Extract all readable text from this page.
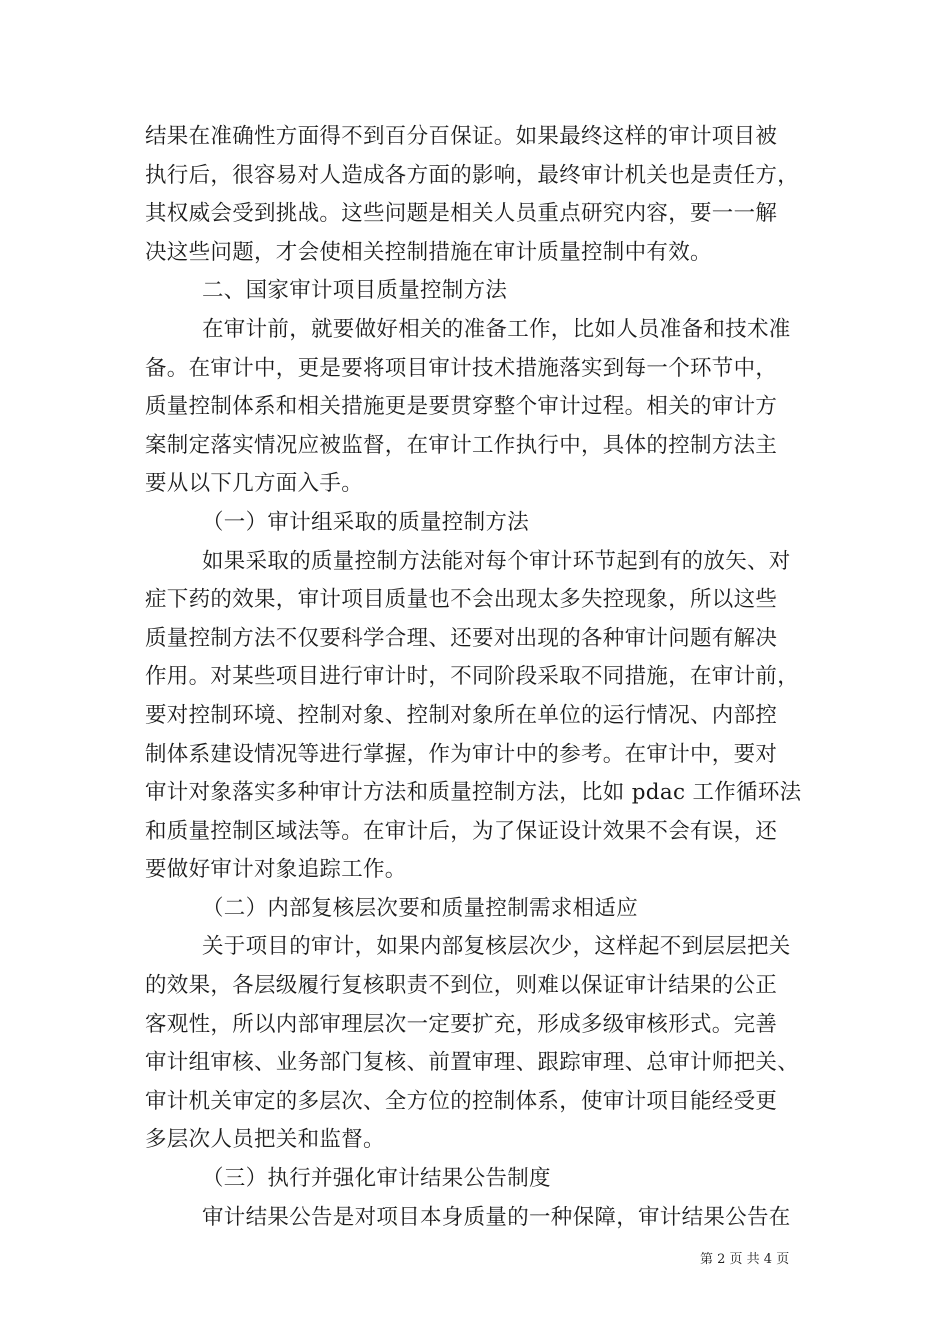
结果在准确性方面得不到百分百保证。如果最终这样的审计项目被
执行后，很容易对人造成各方面的影响，最终审计机关也是责任方，
其权威会受到挑战。这些问题是相关人员重点研究内容，要一一解
决这些问题，才会使相关控制措施在审计质量控制中有效。
二、国家审计项目质量控制方法
在审计前，就要做好相关的准备工作，比如人员准备和技术准
备。在审计中，更是要将项目审计技术措施落实到每一个环节中，
质量控制体系和相关措施更是要贯穿整个审计过程。相关的审计方
案制定落实情况应被监督，在审计工作执行中，具体的控制方法主
要从以下几方面入手。
（一）审计组采取的质量控制方法
如果采取的质量控制方法能对每个审计环节起到有的放矢、对
症下药的效果，审计项目质量也不会出现太多失控现象，所以这些
质量控制方法不仅要科学合理、还要对出现的各种审计问题有解决
作用。对某些项目进行审计时，不同阶段采取不同措施，在审计前，
要对控制环境、控制对象、控制对象所在单位的运行情况、内部控
制体系建设情况等进行掌握，作为审计中的参考。在审计中，要对
审计对象落实多种审计方法和质量控制方法，比如 pdac 工作循环法
和质量控制区域法等。在审计后，为了保证设计效果不会有误，还
要做好审计对象追踪工作。
（二）内部复核层次要和质量控制需求相适应
关于项目的审计，如果内部复核层次少，这样起不到层层把关
的效果，各层级履行复核职责不到位，则难以保证审计结果的公正
客观性，所以内部审理层次一定要扩充，形成多级审核形式。完善
审计组审核、业务部门复核、前置审理、跟踪审理、总审计师把关、
审计机关审定的多层次、全方位的控制体系，使审计项目能经受更
多层次人员把关和监督。
（三）执行并强化审计结果公告制度
审计结果公告是对项目本身质量的一种保障，审计结果公告在
第 2 页 共 4 页
